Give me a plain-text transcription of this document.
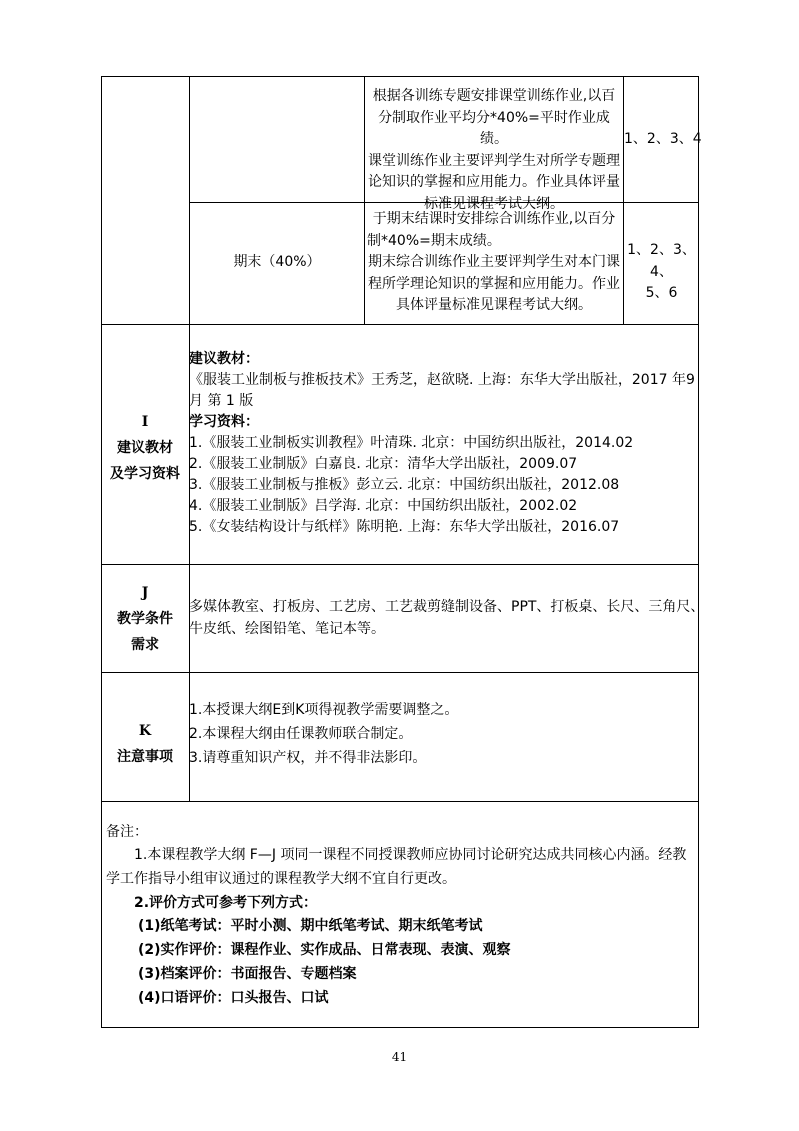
根据各训练专题安排课堂训练作业,以百
分制取作业平均分*40%=平时作业成绩。
课堂训练作业主要评判学生对所学专题理
论知识的掌握和应用能力。作业具体评量
标准见课程考试大纲。
1、2、3、4
期末（40%）
于期末结课时安排综合训练作业,以百分
制*40%=期末成绩。
期末综合训练作业主要评判学生对本门课
程所学理论知识的掌握和应用能力。作业
具体评量标准见课程考试大纲。
1、2、3、4、
5、6
I
建议教材
及学习资料
建议教材：
《服装工业制板与推板技术》王秀芝，赵欲晓. 上海：东华大学出版社，2017 年9
月 第 1 版
学习资料：
1.《服装工业制板实训教程》叶清珠. 北京：中国纺织出版社，2014.02
2.《服装工业制版》白嘉良. 北京：清华大学出版社，2009.07
3.《服装工业制板与推板》彭立云. 北京：中国纺织出版社，2012.08
4.《服装工业制版》吕学海. 北京：中国纺织出版社，2002.02
5.《女装结构设计与纸样》陈明艳. 上海：东华大学出版社，2016.07
J
教学条件
需求
多媒体教室、打板房、工艺房、工艺裁剪缝制设备、PPT、打板桌、长尺、三角尺、
牛皮纸、绘图铅笔、笔记本等。
K
注意事项
1.本授课大纲E到K项得视教学需要调整之。
2.本课程大纲由任课教师联合制定。
3.请尊重知识产权，并不得非法影印。
备注：
1.本课程教学大纲 F—J 项同一课程不同授课教师应协同讨论研究达成共同核心内涵。经教
学工作指导小组审议通过的课程教学大纲不宜自行更改。
2.评价方式可参考下列方式：
(1)纸笔考试：平时小测、期中纸笔考试、期末纸笔考试
(2)实作评价：课程作业、实作成品、日常表现、表演、观察
(3)档案评价：书面报告、专题档案
(4)口语评价：口头报告、口试
41
